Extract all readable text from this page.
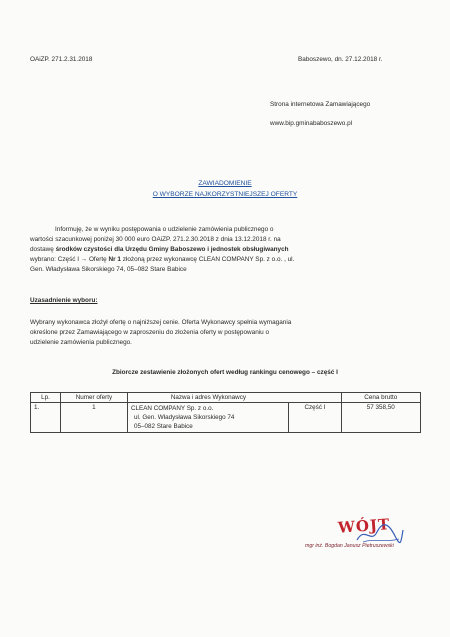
OAiZP. 271.2.31.2018	Baboszewo, dn. 27.12.2018 r.
Strona internetowa Zamawiającego
www.bip.gminababoszewo.pl
ZAWIADOMIENIE
O WYBORZE NAJKORZYSTNIEJSZEJ OFERTY
Informuję, że w wyniku postępowania o udzielenie zamówienia publicznego o
wartości szacunkowej poniżej 30 000 euro OAiZP. 271.2.30.2018 z dnia 13.12.2018 r. na
dostawę środków czystości dla Urzędu Gminy Baboszewo i jednostek obsługiwanych
wybrano: Część I → Ofertę Nr 1 złożoną przez wykonawcę CLEAN COMPANY Sp. z o.o. , ul.
Gen. Władysława Sikorskiego 74, 05–082 Stare Babice
Uzasadnienie wyboru:
Wybrany wykonawca złożył ofertę o najniższej cenie. Oferta Wykonawcy spełnia wymagania
określone przez Zamawiającego w zaproszeniu do złożenia oferty w postępowaniu o
udzielenie zamówienia publicznego.
Zbiorcze zestawienie złożonych ofert według rankingu cenowego – część I
Lp.	Numer oferty	Nazwa i adres Wykonawcy		Cena brutto
1.	1	CLEAN COMPANY Sp. z o.o.
ul. Gen. Władysława Sikorskiego 74
05–082 Stare Babice	Część I	57 358,50
WÓJT
mgr inż. Bogdan Janusz Pietruszewski
